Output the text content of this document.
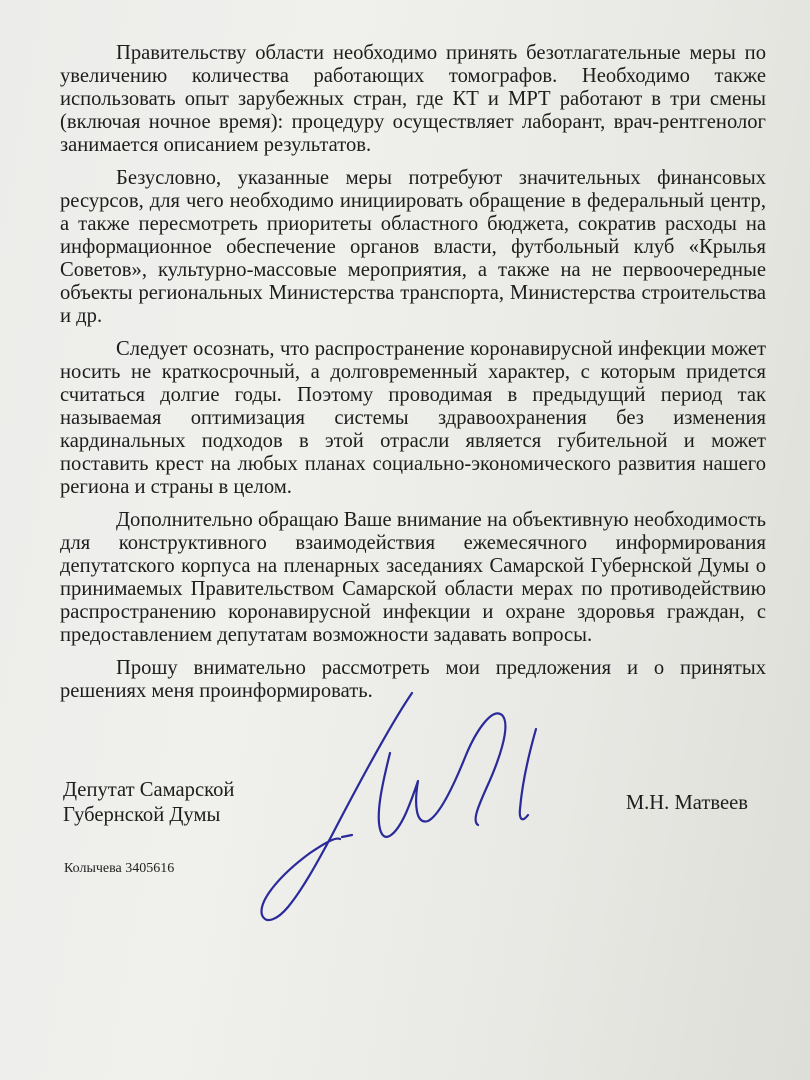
Правительству области необходимо принять безотлагательные меры по увеличению количества работающих томографов. Необходимо также использовать опыт зарубежных стран, где КТ и МРТ работают в три смены (включая ночное время): процедуру осуществляет лаборант, врач-рентгенолог занимается описанием результатов.

Безусловно, указанные меры потребуют значительных финансовых ресурсов, для чего необходимо инициировать обращение в федеральный центр, а также пересмотреть приоритеты областного бюджета, сократив расходы на информационное обеспечение органов власти, футбольный клуб «Крылья Советов», культурно-массовые мероприятия, а также на не первоочередные объекты региональных Министерства транспорта, Министерства строительства и др.

Следует осознать, что распространение коронавирусной инфекции может носить не краткосрочный, а долговременный характер, с которым придется считаться долгие годы. Поэтому проводимая в предыдущий период так называемая оптимизация системы здравоохранения без изменения кардинальных подходов в этой отрасли является губительной и может поставить крест на любых планах социально-экономического развития нашего региона и страны в целом.

Дополнительно обращаю Ваше внимание на объективную необходимость для конструктивного взаимодействия ежемесячного информирования депутатского корпуса на пленарных заседаниях Самарской Губернской Думы о принимаемых Правительством Самарской области мерах по противодействию распространению коронавирусной инфекции и охране здоровья граждан, с предоставлением депутатам возможности задавать вопросы.

Прошу внимательно рассмотреть мои предложения и о принятых решениях меня проинформировать.

Депутат Самарской
Губернской Думы
М.Н. Матвеев
Колычева 3405616
